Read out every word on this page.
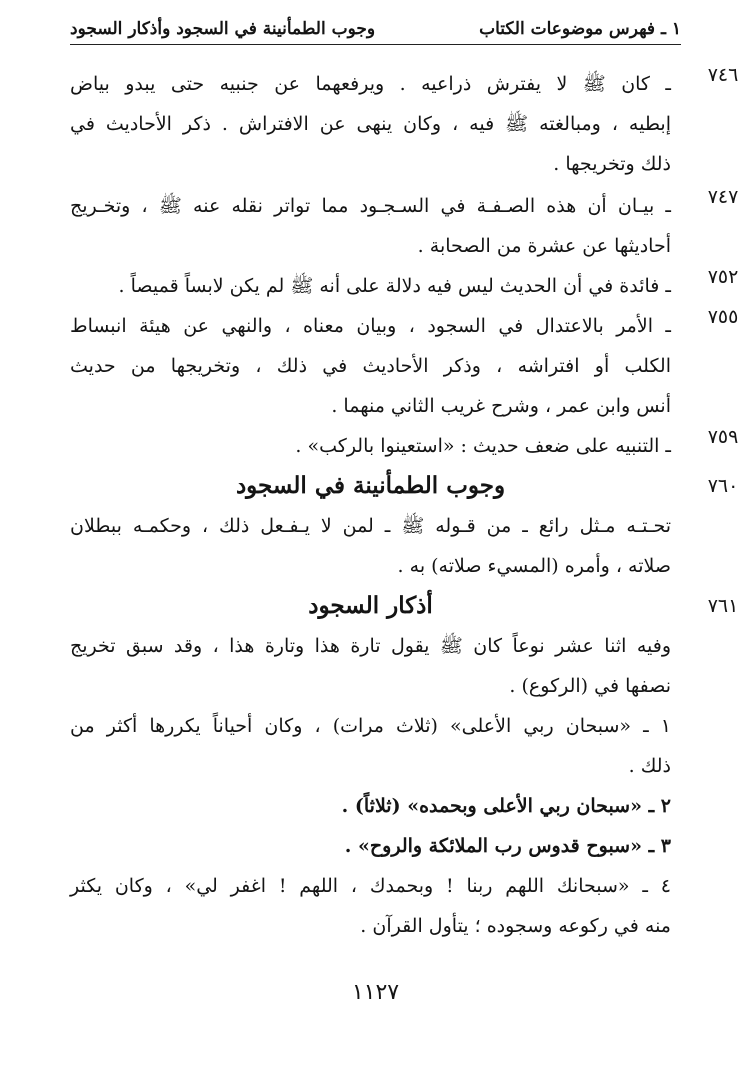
١ ـ فهرس موضوعات الكتاب
وجوب الطمأنينة في السجود وأذكار السجود
٧٤٦
ـ كان ﷺ لا يفترش ذراعيه . ويرفعهما عن جنبيه حتى يبدو بياض
إبطيه ، ومبالغته ﷺ فيه ، وكان ينهى عن الافتراش . ذكر الأحاديث في
ذلك وتخريجها .
٧٤٧
ـ بيـان أن هذه الصـفـة في السـجـود مما تواتر نقله عنه ﷺ ، وتخـريج
أحاديثها عن عشرة من الصحابة .
٧٥٢
ـ فائدة في أن الحديث ليس فيه دلالة على أنه ﷺ لم يكن لابساً قميصاً .
٧٥٥
ـ الأمر بالاعتدال في السجود ، وبيان معناه ، والنهي عن هيئة انبساط
الكلب أو افتراشه ، وذكر الأحاديث في ذلك ، وتخريجها من حديث
أنس وابن عمر ، وشرح غريب الثاني منهما .
٧٥٩
ـ التنبيه على ضعف حديث : «استعينوا بالركب» .
٧٦٠
وجوب الطمأنينة في السجود
تحـتـه مـثل رائع ـ من قـوله ﷺ ـ لمن لا يـفـعل ذلك ، وحكمـه ببطلان
صلاته ، وأمره (المسيء صلاته) به .
٧٦١
أذكار السجود
وفيه اثنا عشر نوعاً كان ﷺ يقول تارة هذا وتارة هذا ، وقد سبق تخريج
نصفها في (الركوع) .
١ ـ «سبحان ربي الأعلى» (ثلاث مرات) ، وكان أحياناً يكررها أكثر من
ذلك .
٢ ـ «سبحان ربي الأعلى وبحمده» (ثلاثاً) .
٣ ـ «سبوح قدوس رب الملائكة والروح» .
٤ ـ «سبحانك اللهم ربنا ! وبحمدك ، اللهم ! اغفر لي» ، وكان يكثر
منه في ركوعه وسجوده ؛ يتأول القرآن .
١١٢٧
